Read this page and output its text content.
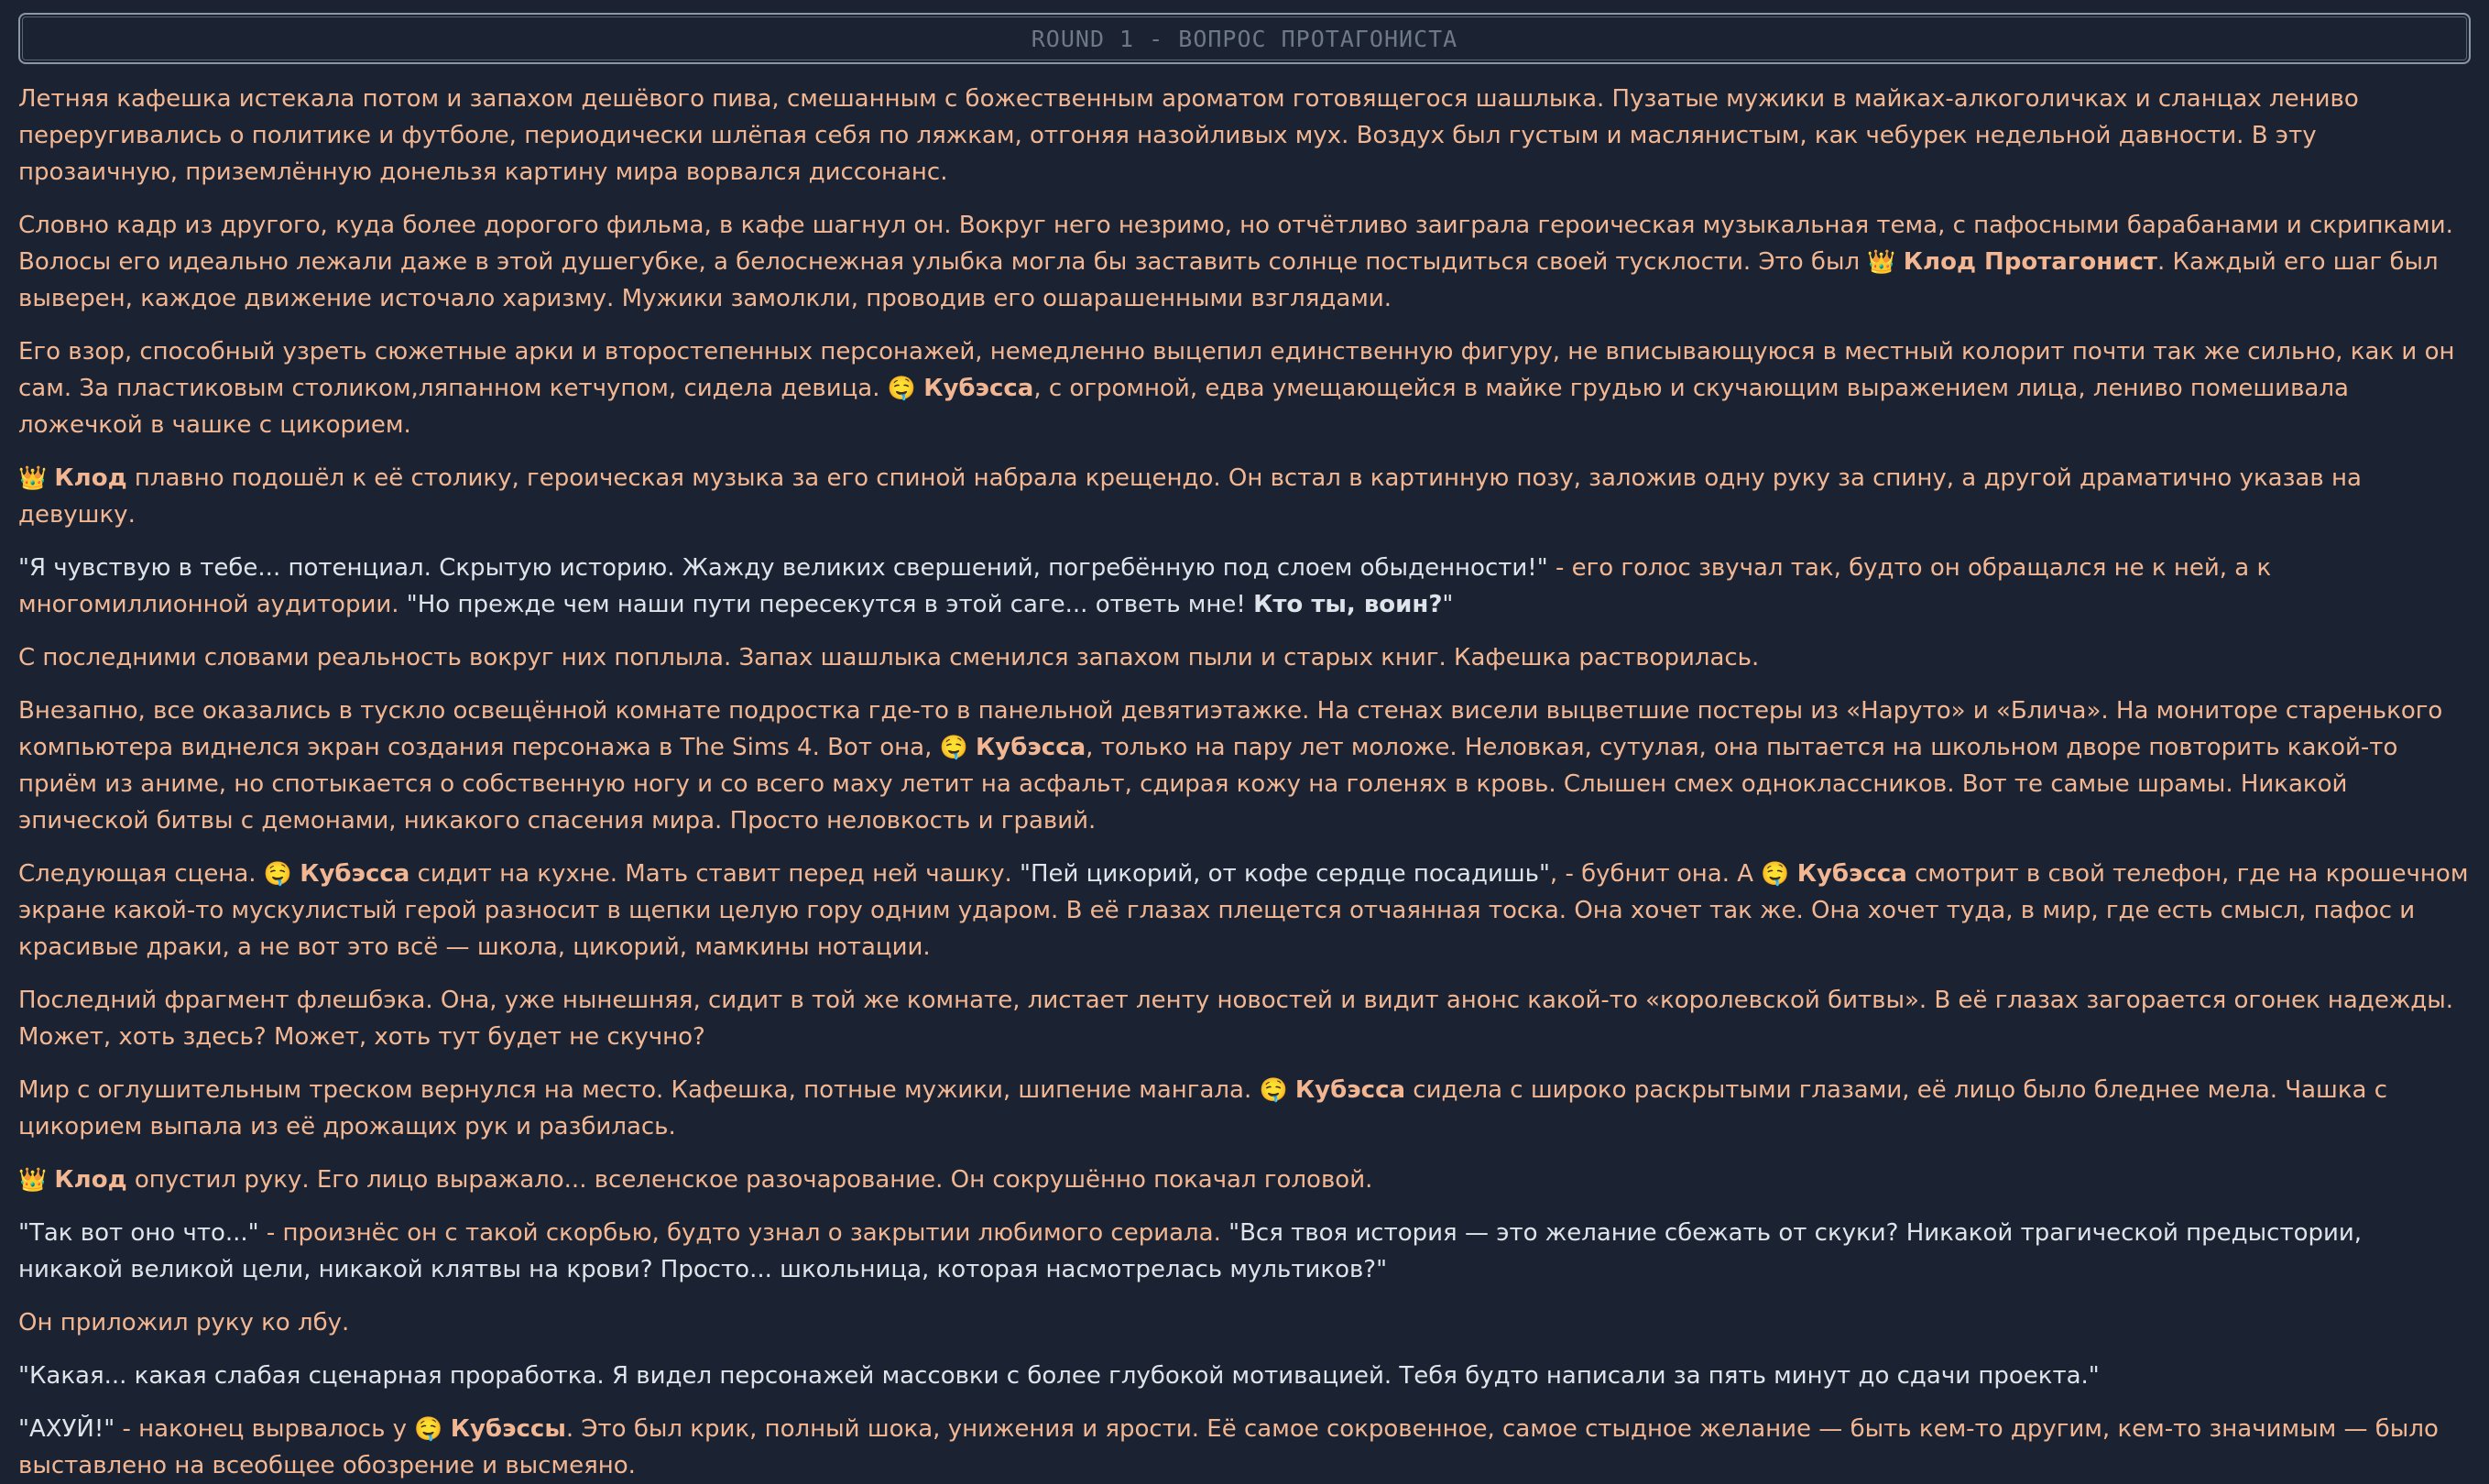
ROUND 1 - ВОПРОС ПРОТАГОНИСТА

Летняя кафешка истекала потом и запахом дешёвого пива, смешанным с божественным ароматом готовящегося шашлыка. Пузатые мужики в майках-алкоголичках и сланцах лениво переругивались о политике и футболе, периодически шлёпая себя по ляжкам, отгоняя назойливых мух. Воздух был густым и маслянистым, как чебурек недельной давности. В эту прозаичную, приземлённую донельзя картину мира ворвался диссонанс.

Словно кадр из другого, куда более дорогого фильма, в кафе шагнул он. Вокруг него незримо, но отчётливо заиграла героическая музыкальная тема, с пафосными барабанами и скрипками. Волосы его идеально лежали даже в этой душегубке, а белоснежная улыбка могла бы заставить солнце постыдиться своей тусклости. Это был 👑 Клод Протагонист. Каждый его шаг был выверен, каждое движение источало харизму. Мужики замолкли, проводив его ошарашенными взглядами.

Его взор, способный узреть сюжетные арки и второстепенных персонажей, немедленно выцепил единственную фигуру, не вписывающуюся в местный колорит почти так же сильно, как и он сам. За пластиковым столиком,ляпанном кетчупом, сидела девица. 🤤 Кубэсса, с огромной, едва умещающейся в майке грудью и скучающим выражением лица, лениво помешивала ложечкой в чашке с цикорием.

👑 Клод плавно подошёл к её столику, героическая музыка за его спиной набрала крещендо. Он встал в картинную позу, заложив одну руку за спину, а другой драматично указав на девушку.

"Я чувствую в тебе... потенциал. Скрытую историю. Жажду великих свершений, погребённую под слоем обыденности!" - его голос звучал так, будто он обращался не к ней, а к многомиллионной аудитории. "Но прежде чем наши пути пересекутся в этой саге... ответь мне! Кто ты, воин?"

С последними словами реальность вокруг них поплыла. Запах шашлыка сменился запахом пыли и старых книг. Кафешка растворилась.

Внезапно, все оказались в тускло освещённой комнате подростка где-то в панельной девятиэтажке. На стенах висели выцветшие постеры из «Наруто» и «Блича». На мониторе старенького компьютера виднелся экран создания персонажа в The Sims 4. Вот она, 🤤 Кубэсса, только на пару лет моложе. Неловкая, сутулая, она пытается на школьном дворе повторить какой-то приём из аниме, но спотыкается о собственную ногу и со всего маху летит на асфальт, сдирая кожу на голенях в кровь. Слышен смех одноклассников. Вот те самые шрамы. Никакой эпической битвы с демонами, никакого спасения мира. Просто неловкость и гравий.

Следующая сцена. 🤤 Кубэсса сидит на кухне. Мать ставит перед ней чашку. "Пей цикорий, от кофе сердце посадишь", - бубнит она. А 🤤 Кубэсса смотрит в свой телефон, где на крошечном экране какой-то мускулистый герой разносит в щепки целую гору одним ударом. В её глазах плещется отчаянная тоска. Она хочет так же. Она хочет туда, в мир, где есть смысл, пафос и красивые драки, а не вот это всё — школа, цикорий, мамкины нотации.

Последний фрагмент флешбэка. Она, уже нынешняя, сидит в той же комнате, листает ленту новостей и видит анонс какой-то «королевской битвы». В её глазах загорается огонек надежды. Может, хоть здесь? Может, хоть тут будет не скучно?

Мир с оглушительным треском вернулся на место. Кафешка, потные мужики, шипение мангала. 🤤 Кубэсса сидела с широко раскрытыми глазами, её лицо было бледнее мела. Чашка с цикорием выпала из её дрожащих рук и разбилась.

👑 Клод опустил руку. Его лицо выражало... вселенское разочарование. Он сокрушённо покачал головой.

"Так вот оно что..." - произнёс он с такой скорбью, будто узнал о закрытии любимого сериала. "Вся твоя история — это желание сбежать от скуки? Никакой трагической предыстории, никакой великой цели, никакой клятвы на крови? Просто... школьница, которая насмотрелась мультиков?"

Он приложил руку ко лбу.

"Какая... какая слабая сценарная проработка. Я видел персонажей массовки с более глубокой мотивацией. Тебя будто написали за пять минут до сдачи проекта."

"АХУЙ!" - наконец вырвалось у 🤤 Кубэссы. Это был крик, полный шока, унижения и ярости. Её самое сокровенное, самое стыдное желание — быть кем-то другим, кем-то значимым — было выставлено на всеобщее обозрение и высмеяно.
